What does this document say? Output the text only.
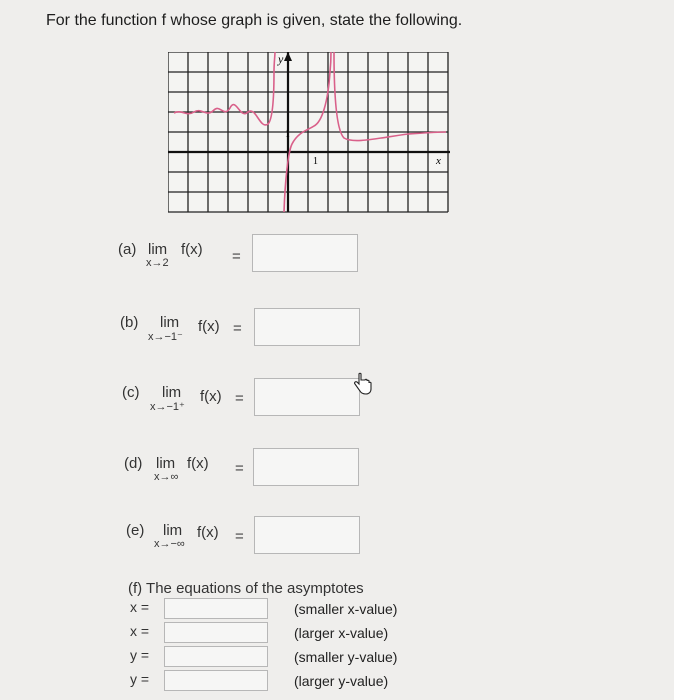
For the function f whose graph is given, state the following.
y
x
1
1
(a) lim
x→2
f(x) =
(b) lim
x→−1⁻
f(x) =
(c) lim
x→−1⁺
f(x) =
(d) lim
x→∞
f(x) =
(e) lim
x→−∞
f(x) =
(f) The equations of the asymptotes
x =	(smaller x-value)
x =	(larger x-value)
y =	(smaller y-value)
y =	(larger y-value)
